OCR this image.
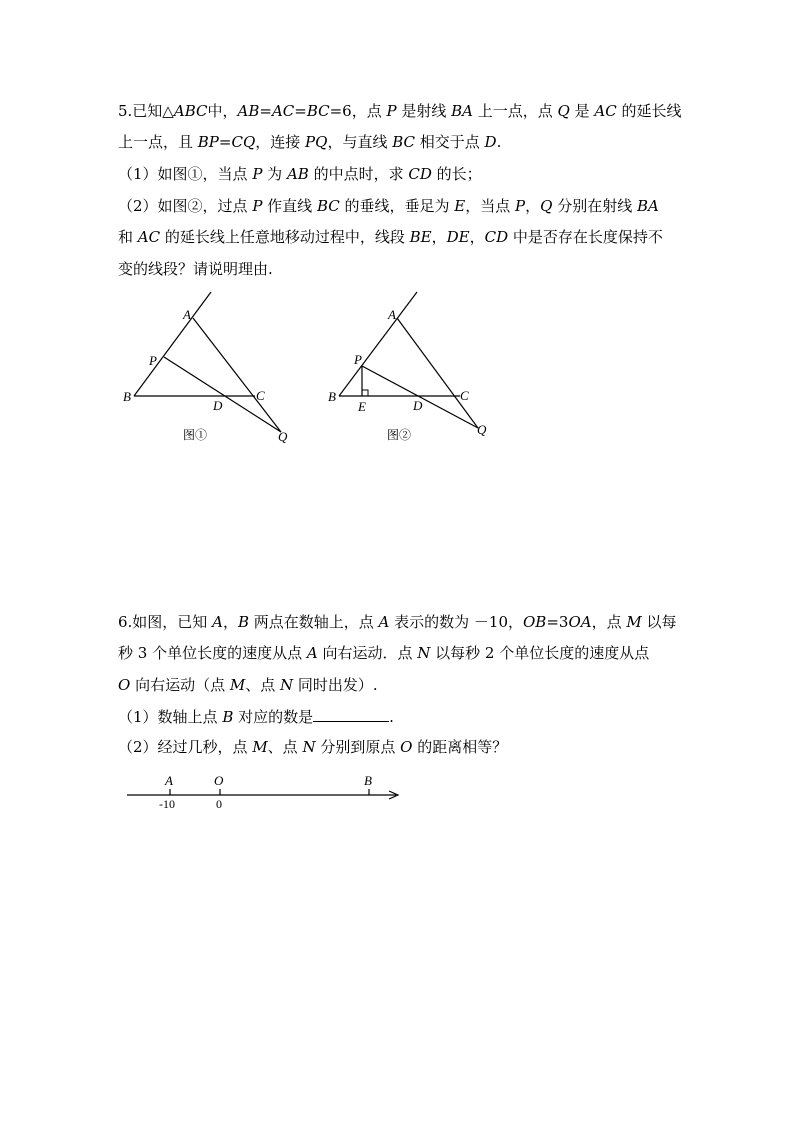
5.已知△ABC中，AB=AC=BC=6，点 P 是射线 BA 上一点，点 Q 是 AC 的延长线
上一点，且 BP=CQ，连接 PQ，与直线 BC 相交于点 D.
（1）如图①，当点 P 为 AB 的中点时，求 CD 的长；
（2）如图②，过点 P 作直线 BC 的垂线，垂足为 E，当点 P，Q 分别在射线 BA
和 AC 的延长线上任意地移动过程中，线段 BE，DE，CD 中是否存在长度保持不
变的线段？请说明理由.
A
P
B
D
C
Q
A
P
B
E	D
C
Q
图①	图②
6.如图，已知 A，B 两点在数轴上，点 A 表示的数为 －10，OB=3OA，点 M 以每
秒 3 个单位长度的速度从点 A 向右运动．点 N 以每秒 2 个单位长度的速度从点
O 向右运动（点 M、点 N 同时出发）.
（1）数轴上点 B 对应的数是	.
（2）经过几秒，点 M、点 N 分别到原点 O 的距离相等？
A	O	B
-10	0
